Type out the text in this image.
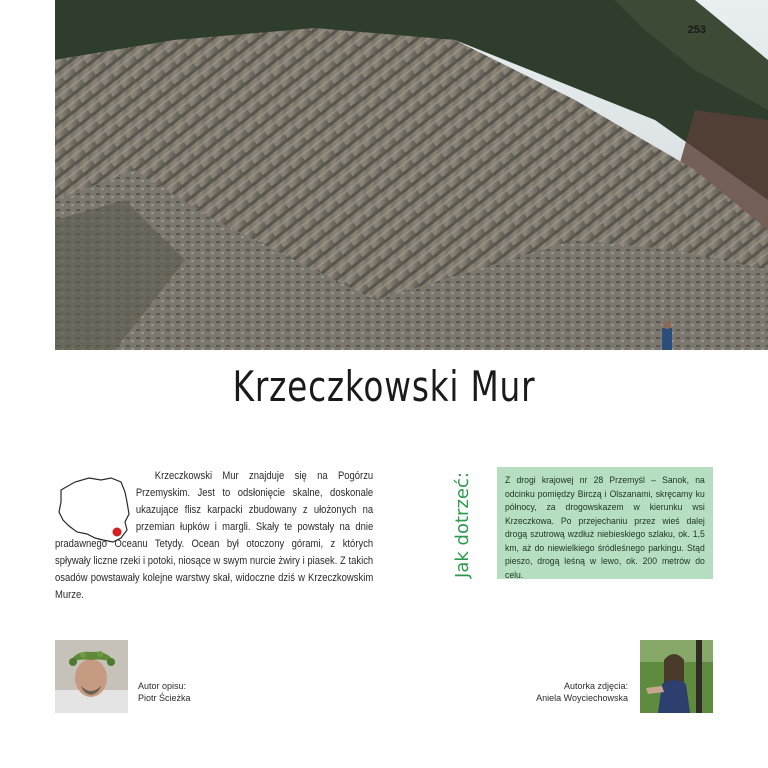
253
Krzeczkowski Mur

Krzeczkowski Mur znajduje się na Pogórzu Przemyskim. Jest to odsłonięcie skalne, doskonale ukazujące flisz karpacki zbudowany z ułożonych na przemian łupków i margli. Skały te powstały na dnie pradawnego Oceanu Tetydy. Ocean był otoczony górami, z których spływały liczne rzeki i potoki, niosące w swym nurcie żwiry i piasek. Z takich osadów powstawały kolejne warstwy skał, widoczne dziś w Krzeczkowskim Murze.

Jak dotrzeć:	Z drogi krajowej nr 28 Przemyśl – Sanok, na odcinku pomiędzy Birczą i Olszanami, skręcamy ku północy, za drogowskazem w kierunku wsi Krzeczkowa. Po przejechaniu przez wieś dalej drogą szutrową wzdłuż niebieskiego szlaku, ok. 1,5 km, aż do niewielkiego śródleśnego parkingu. Stąd pieszo, drogą leśną w lewo, ok. 200 metrów do celu.

Autor opisu:
Piotr Ścieżka
Autorka zdjęcia:
Aniela Woyciechowska
